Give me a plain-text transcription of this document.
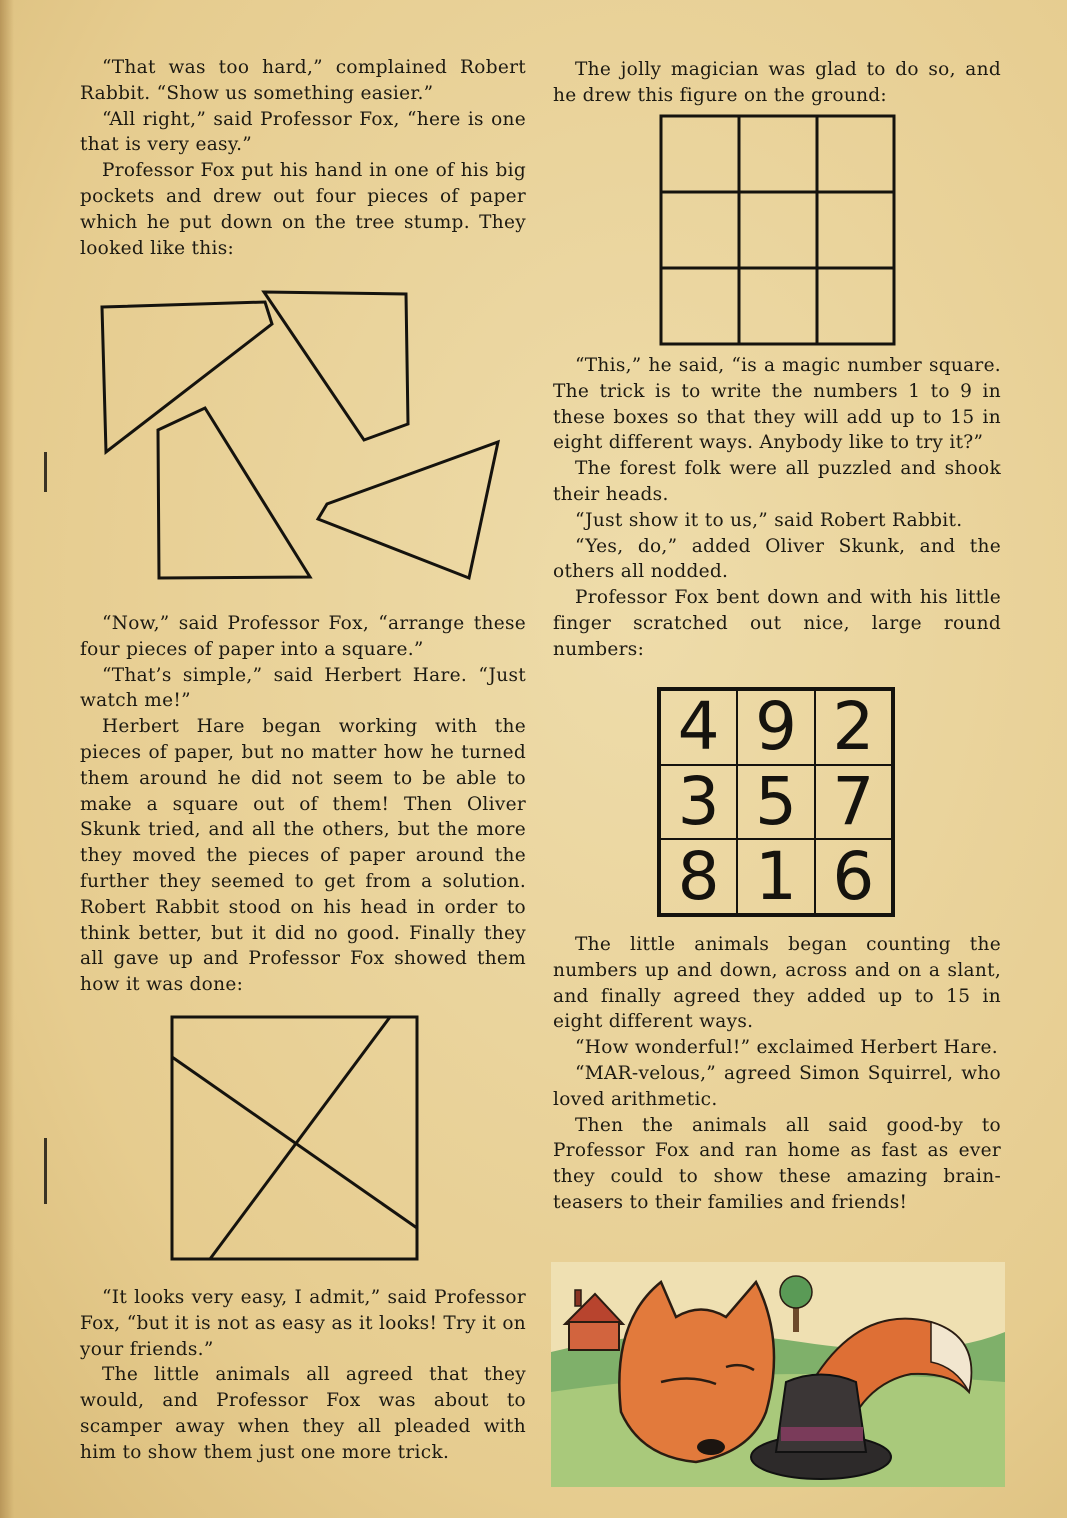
“That was too hard,” complained Robert Rabbit. “Show us something easier.”

“All right,” said Professor Fox, “here is one that is very easy.”

Professor Fox put his hand in one of his big pockets and drew out four pieces of paper which he put down on the tree stump. They looked like this:

“Now,” said Professor Fox, “arrange these four pieces of paper into a square.”

“That’s simple,” said Herbert Hare. “Just watch me!”

Herbert Hare began working with the pieces of paper, but no matter how he turned them around he did not seem to be able to make a square out of them! Then Oliver Skunk tried, and all the others, but the more they moved the pieces of paper around the further they seemed to get from a solution. Robert Rabbit stood on his head in order to think better, but it did no good. Finally they all gave up and Professor Fox showed them how it was done:

“It looks very easy, I admit,” said Professor Fox, “but it is not as easy as it looks! Try it on your friends.”

The little animals all agreed that they would, and Professor Fox was about to scamper away when they all pleaded with him to show them just one more trick.

The jolly magician was glad to do so, and he drew this figure on the ground:

“This,” he said, “is a magic number square. The trick is to write the numbers 1 to 9 in these boxes so that they will add up to 15 in eight different ways. Anybody like to try it?”

The forest folk were all puzzled and shook their heads.

“Just show it to us,” said Robert Rabbit.

“Yes, do,” added Oliver Skunk, and the others all nodded.

Professor Fox bent down and with his little finger scratched out nice, large round numbers:

4 9 2
3 5 7
8 1 6

The little animals began counting the numbers up and down, across and on a slant, and finally agreed they added up to 15 in eight different ways.

“How wonderful!” exclaimed Herbert Hare.

“MAR-velous,” agreed Simon Squirrel, who loved arithmetic.

Then the animals all said good-by to Professor Fox and ran home as fast as ever they could to show these amazing brain-teasers to their families and friends!
